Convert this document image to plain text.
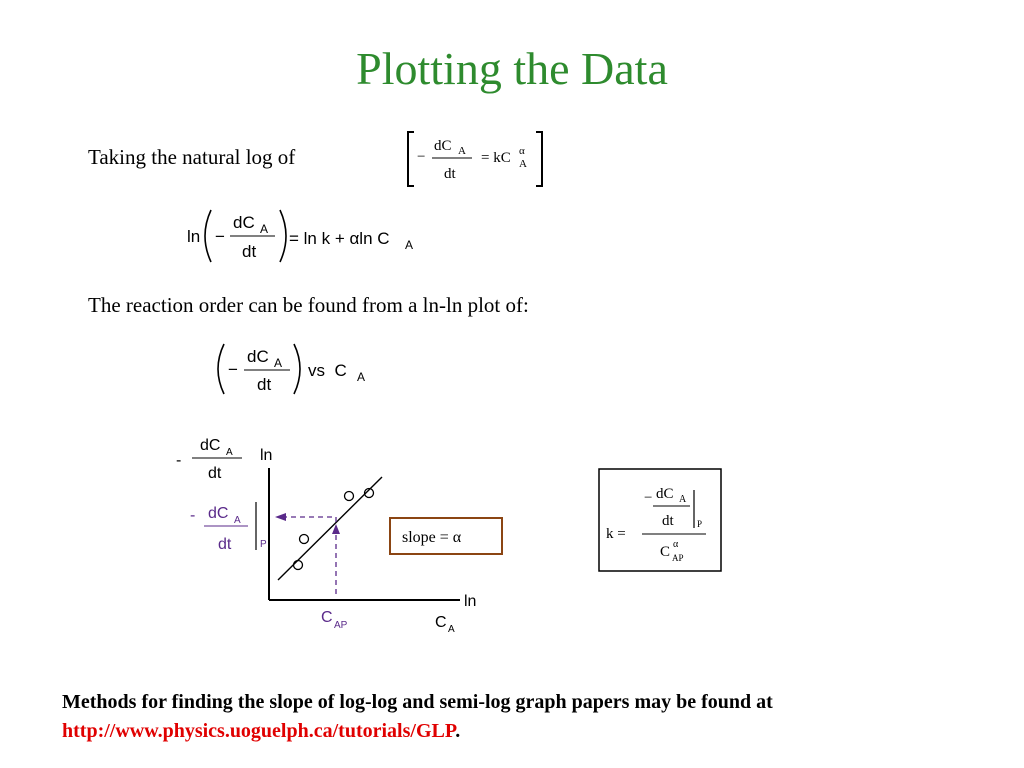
Plotting the Data
Taking the natural log of	−
dC A
dt
= kC A
α
ln −
dC A
dt
= ln k + αln C A
The reaction order can be found from a ln-ln plot of:
−
dC A
dt
vs  C A
-
dC A
dt
ln
ln
C A
- dC A
dt	P
C AP
slope = α	k =
− dC A
dt	P
C AP
α
Methods for finding the slope of log-log and semi-log graph papers may be found at http://www.physics.uoguelph.ca/tutorials/GLP.
